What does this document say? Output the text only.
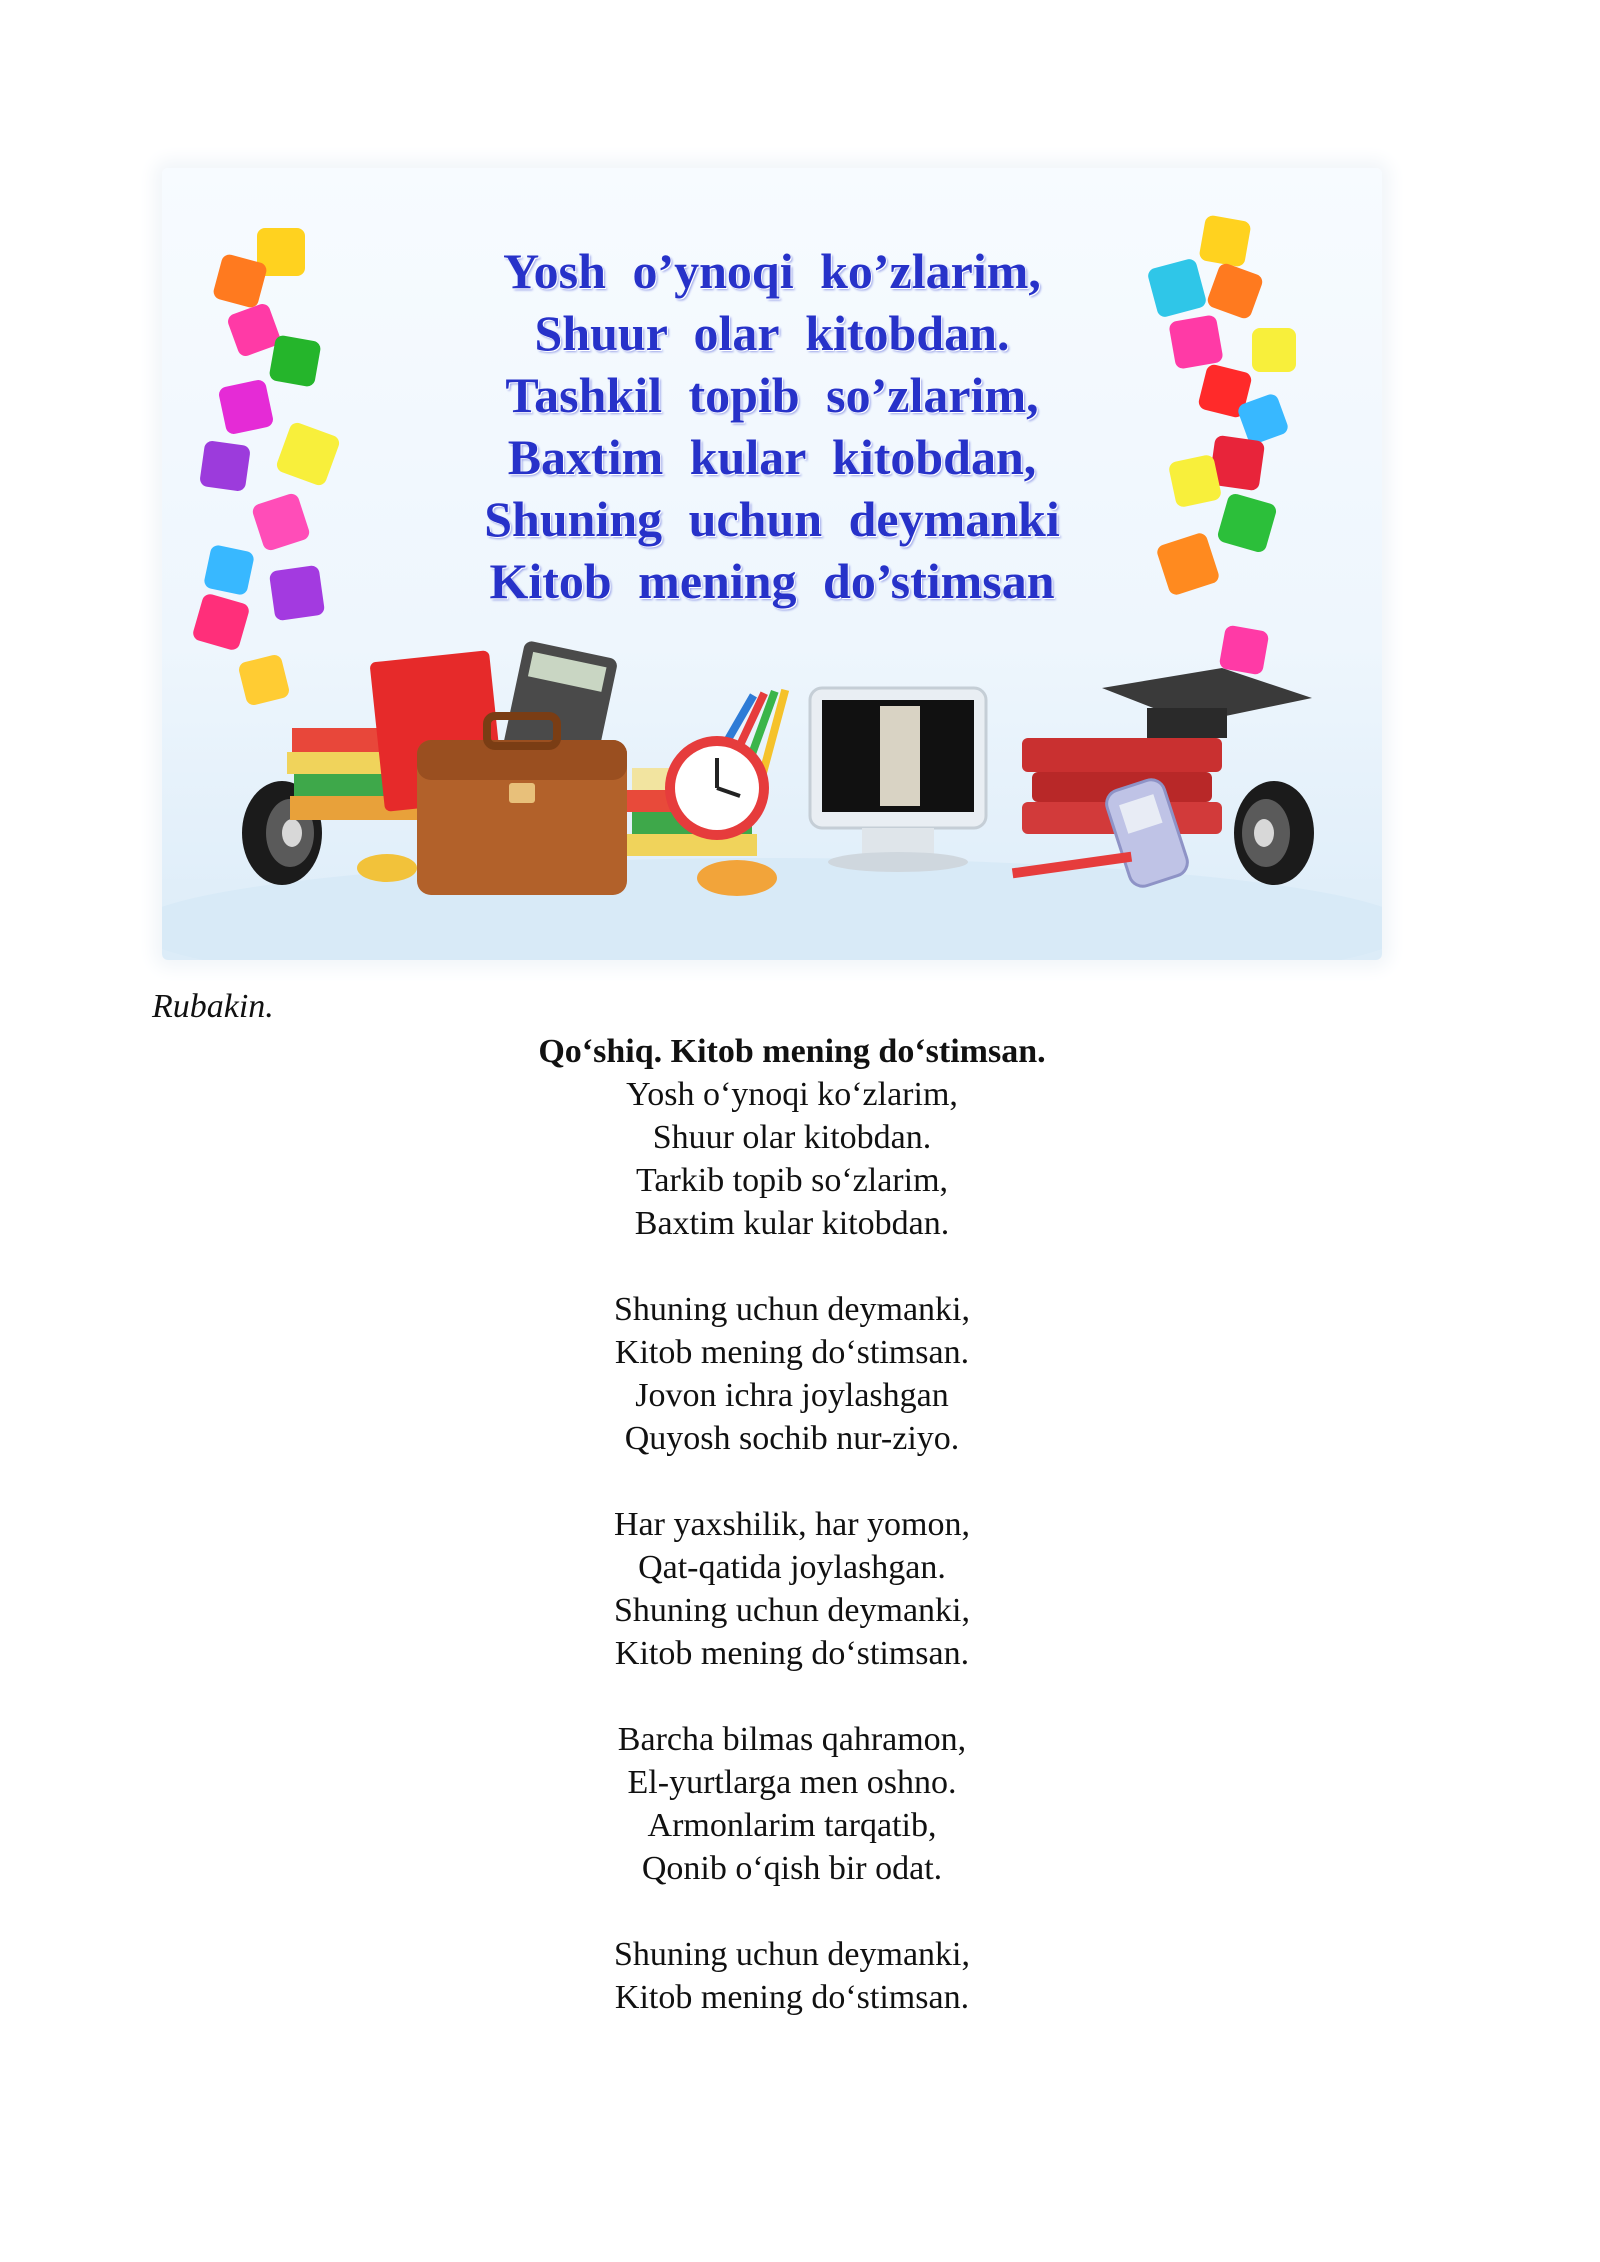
Yosh o’ynoqi ko’zlarim,
Shuur olar kitobdan.
Tashkil topib so’zlarim,
Baxtim kular kitobdan,
Shuning uchun deymanki
Kitob mening do’stimsan
Rubakin.
Qo‘shiq. Kitob mening do‘stimsan.
Yosh o‘ynoqi ko‘zlarim,
Shuur olar kitobdan.
Tarkib topib so‘zlarim,
Baxtim kular kitobdan.
Shuning uchun deymanki,
Kitob mening do‘stimsan.
Jovon ichra joylashgan
Quyosh sochib nur-ziyo.
Har yaxshilik, har yomon,
Qat-qatida joylashgan.
Shuning uchun deymanki,
Kitob mening do‘stimsan.
Barcha bilmas qahramon,
El-yurtlarga men oshno.
Armonlarim tarqatib,
Qonib o‘qish bir odat.
Shuning uchun deymanki,
Kitob mening do‘stimsan.
